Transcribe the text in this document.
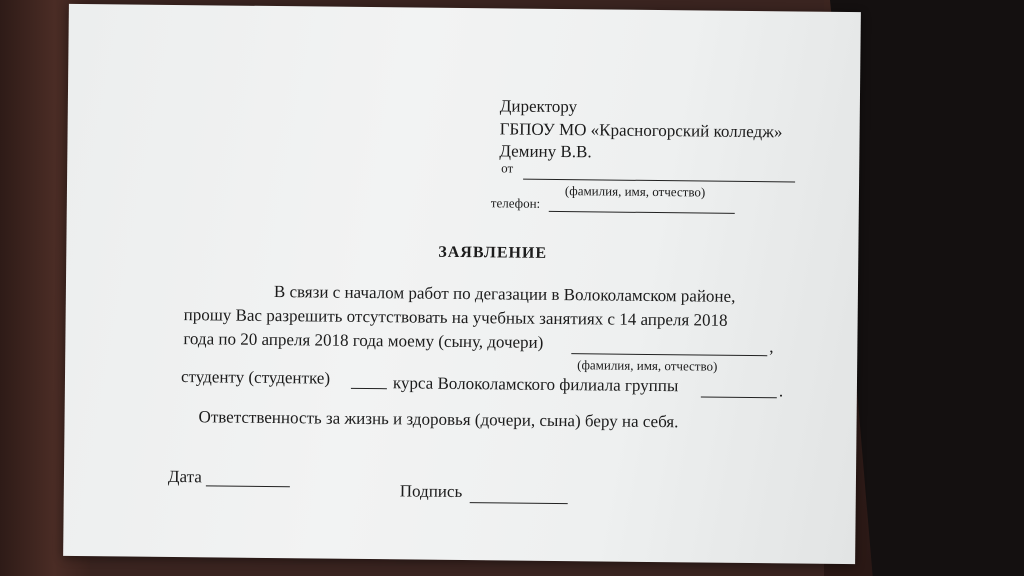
Директору
ГБПОУ МО «Красногорский колледж»
Демину В.В.
от
(фамилия, имя, отчество)
телефон:
ЗАЯВЛЕНИЕ
В связи с началом работ по дегазации в Волоколамском районе,
прошу Вас разрешить отсутствовать на учебных занятиях с 14 апреля 2018
года по 20 апреля 2018 года моему (сыну, дочери)	,
(фамилия, имя, отчество)
студенту (студентке)	курса Волоколамского филиала группы	.
Ответственность за жизнь и здоровья (дочери, сына) беру на себя.
Дата
Подпись
